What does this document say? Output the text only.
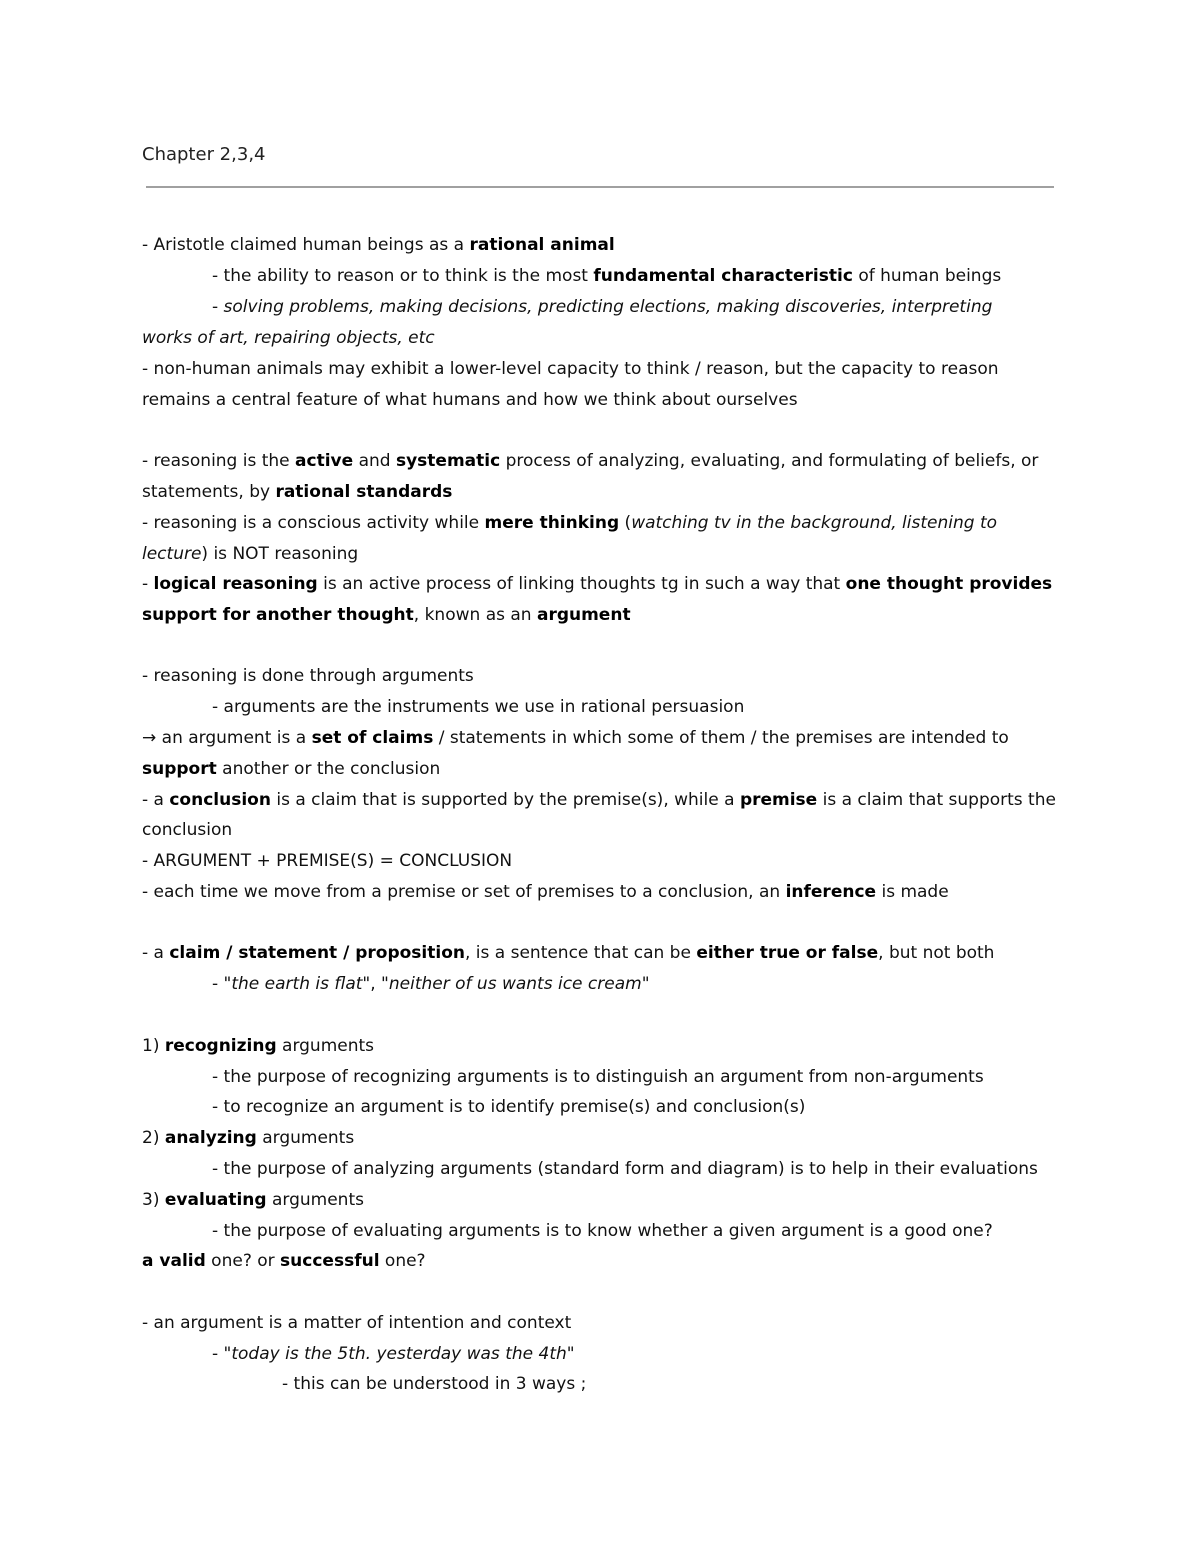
Chapter 2,3,4
- Aristotle claimed human beings as a rational animal
- the ability to reason or to think is the most fundamental characteristic of human beings
- solving problems, making decisions, predicting elections, making discoveries, interpreting
works of art, repairing objects, etc
- non-human animals may exhibit a lower-level capacity to think / reason, but the capacity to reason
remains a central feature of what humans and how we think about ourselves
- reasoning is the active and systematic process of analyzing, evaluating, and formulating of beliefs, or
statements, by rational standards
- reasoning is a conscious activity while mere thinking (watching tv in the background, listening to
lecture) is NOT reasoning
- logical reasoning is an active process of linking thoughts tg in such a way that one thought provides
support for another thought, known as an argument
- reasoning is done through arguments
- arguments are the instruments we use in rational persuasion
→ an argument is a set of claims / statements in which some of them / the premises are intended to
support another or the conclusion
- a conclusion is a claim that is supported by the premise(s), while a premise is a claim that supports the
conclusion
- ARGUMENT + PREMISE(S) = CONCLUSION
- each time we move from a premise or set of premises to a conclusion, an inference is made
- a claim / statement / proposition, is a sentence that can be either true or false, but not both
- "the earth is flat", "neither of us wants ice cream"
1) recognizing arguments
- the purpose of recognizing arguments is to distinguish an argument from non-arguments
- to recognize an argument is to identify premise(s) and conclusion(s)
2) analyzing arguments
- the purpose of analyzing arguments (standard form and diagram) is to help in their evaluations
3) evaluating arguments
- the purpose of evaluating arguments is to know whether a given argument is a good one?
a valid one? or successful one?
- an argument is a matter of intention and context
- "today is the 5th. yesterday was the 4th"
- this can be understood in 3 ways ;
